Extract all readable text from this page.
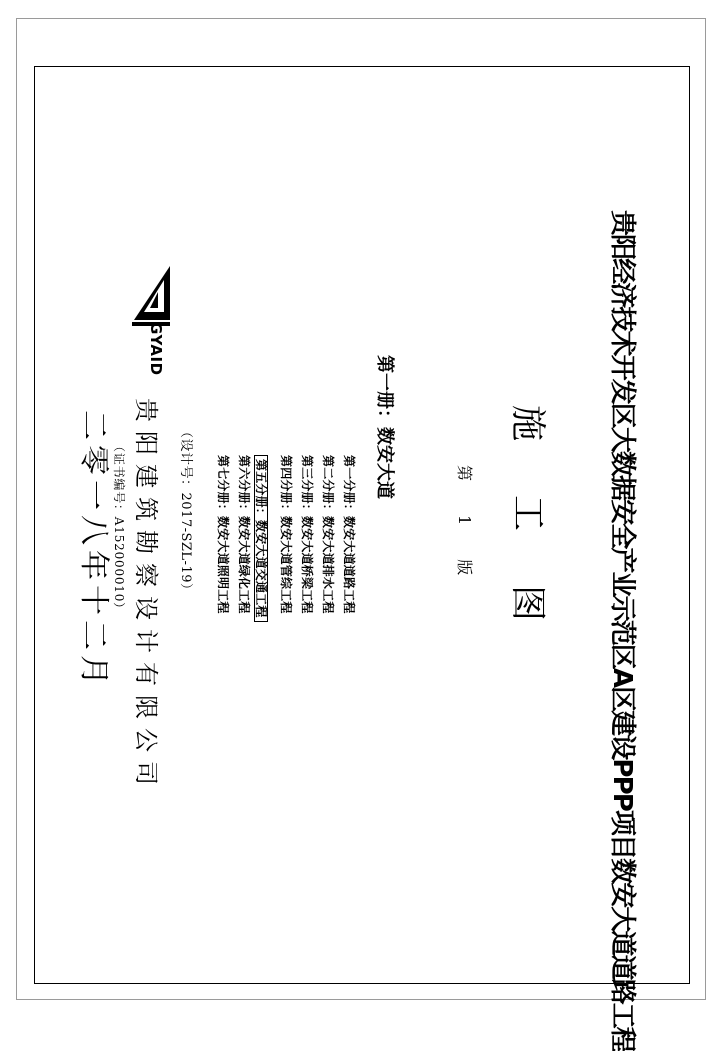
贵阳经济技术开发区大数据安全产业示范区A区建设PPP项目数安大道道路工程
施工图
第1版
第一册：数安大道
第一分册：数安大道道路工程
第二分册：数安大道排水工程
第三分册：数安大道桥梁工程
第四分册：数安大道管综工程
第五分册：数安大道交通工程
第六分册：数安大道绿化工程
第七分册：数安大道照明工程
（设计号：2017-SZL-19）
GYAID
贵阳建筑勘察设计有限公司
（证书编号：A152000010）
二零一八年十二月
